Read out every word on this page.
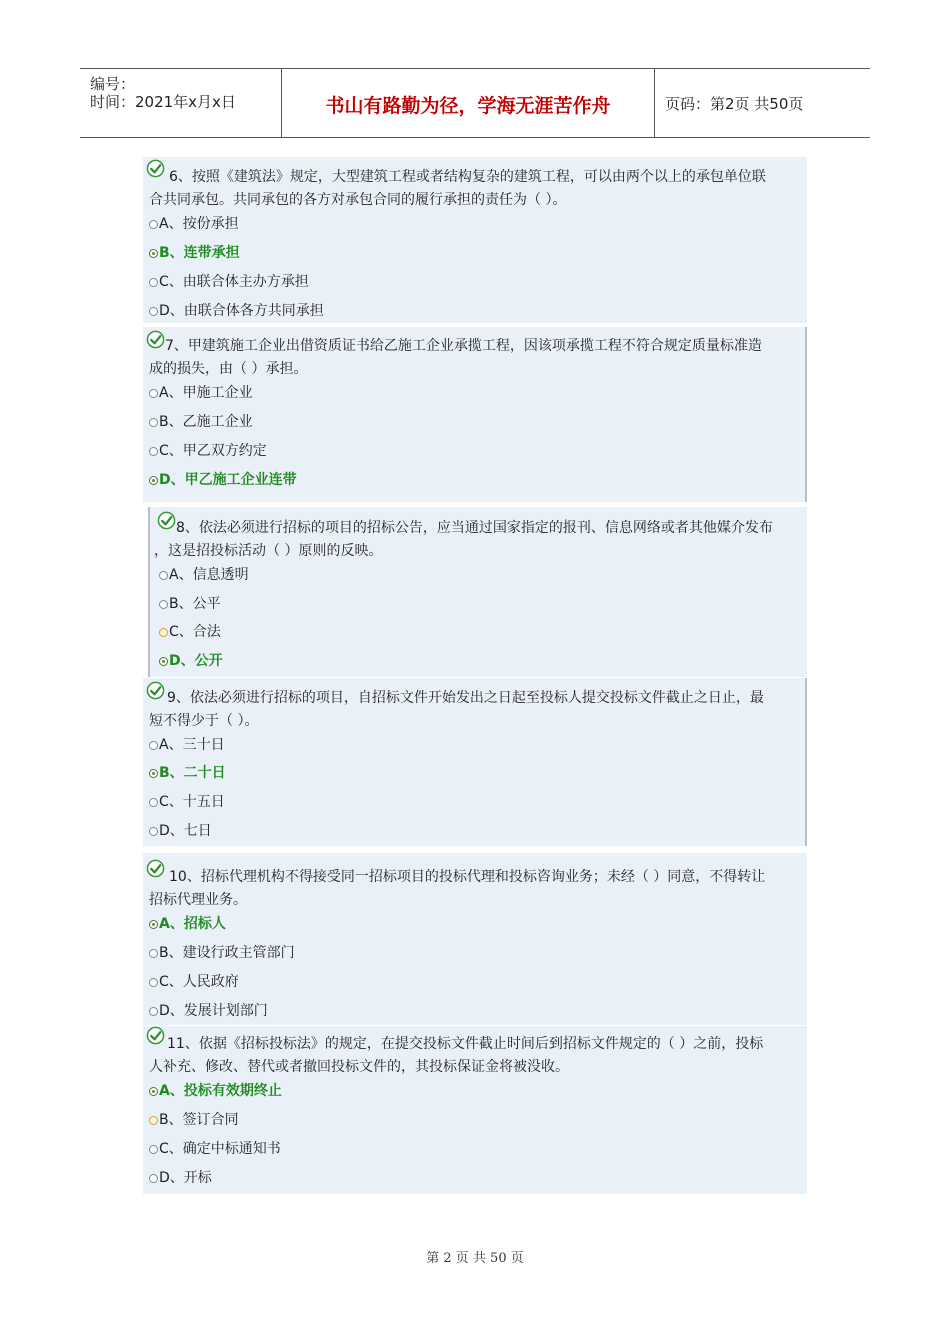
编号：
时间：2021年x月x日	书山有路勤为径，学海无涯苦作舟	页码：第2页 共50页
6、按照《建筑法》规定，大型建筑工程或者结构复杂的建筑工程，可以由两个以上的承包单位联
合共同承包。共同承包的各方对承包合同的履行承担的责任为（ ）。
A、按份承担
B、连带承担
C、由联合体主办方承担
D、由联合体各方共同承担
7、甲建筑施工企业出借资质证书给乙施工企业承揽工程，因该项承揽工程不符合规定质量标准造
成的损失，由（ ）承担。
A、甲施工企业
B、乙施工企业
C、甲乙双方约定
D、甲乙施工企业连带
8、依法必须进行招标的项目的招标公告，应当通过国家指定的报刊、信息网络或者其他媒介发布
，这是招投标活动（ ）原则的反映。
A、信息透明
B、公平
C、合法
D、公开
9、依法必须进行招标的项目，自招标文件开始发出之日起至投标人提交投标文件截止之日止，最
短不得少于（ ）。
A、三十日
B、二十日
C、十五日
D、七日
10、招标代理机构不得接受同一招标项目的投标代理和投标咨询业务；未经（ ）同意，不得转让
招标代理业务。
A、招标人
B、建设行政主管部门
C、人民政府
D、发展计划部门
11、依据《招标投标法》的规定，在提交投标文件截止时间后到招标文件规定的（ ）之前，投标
人补充、修改、替代或者撤回投标文件的，其投标保证金将被没收。
A、投标有效期终止
B、签订合同
C、确定中标通知书
D、开标
第 2 页 共 50 页
